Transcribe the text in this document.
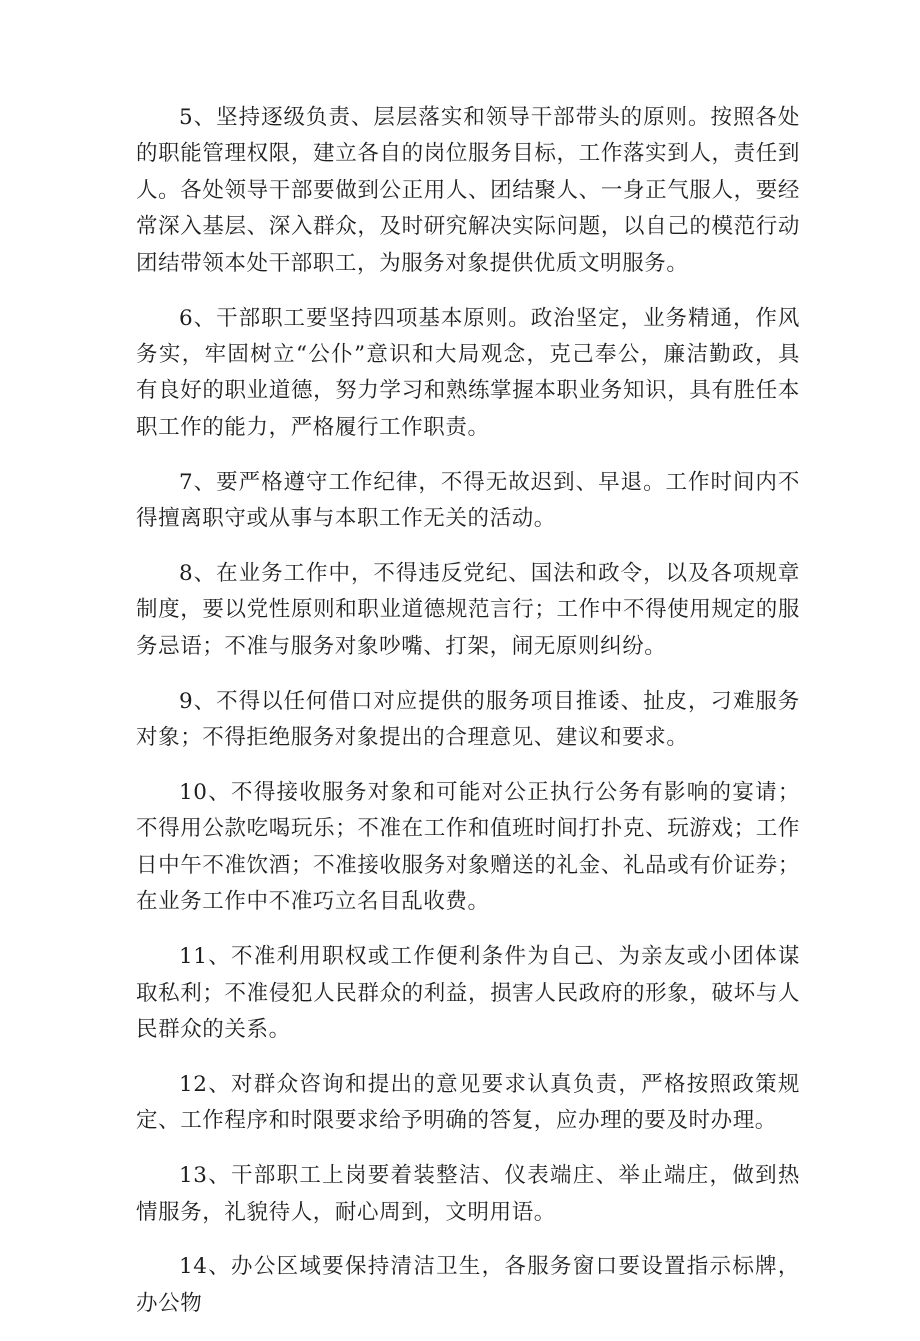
5、坚持逐级负责、层层落实和领导干部带头的原则。按照各处的职能管理权限，建立各自的岗位服务目标，工作落实到人，责任到人。各处领导干部要做到公正用人、团结聚人、一身正气服人，要经常深入基层、深入群众，及时研究解决实际问题，以自己的模范行动团结带领本处干部职工，为服务对象提供优质文明服务。

6、干部职工要坚持四项基本原则。政治坚定，业务精通，作风务实，牢固树立“公仆”意识和大局观念，克己奉公，廉洁勤政，具有良好的职业道德，努力学习和熟练掌握本职业务知识，具有胜任本职工作的能力，严格履行工作职责。

7、要严格遵守工作纪律，不得无故迟到、早退。工作时间内不得擅离职守或从事与本职工作无关的活动。

8、在业务工作中，不得违反党纪、国法和政令，以及各项规章制度，要以党性原则和职业道德规范言行；工作中不得使用规定的服务忌语；不准与服务对象吵嘴、打架，闹无原则纠纷。

9、不得以任何借口对应提供的服务项目推诿、扯皮，刁难服务对象；不得拒绝服务对象提出的合理意见、建议和要求。

10、不得接收服务对象和可能对公正执行公务有影响的宴请；不得用公款吃喝玩乐；不准在工作和值班时间打扑克、玩游戏；工作日中午不准饮酒；不准接收服务对象赠送的礼金、礼品或有价证券；在业务工作中不准巧立名目乱收费。

11、不准利用职权或工作便利条件为自己、为亲友或小团体谋取私利；不准侵犯人民群众的利益，损害人民政府的形象，破坏与人民群众的关系。

12、对群众咨询和提出的意见要求认真负责，严格按照政策规定、工作程序和时限要求给予明确的答复，应办理的要及时办理。

13、干部职工上岗要着装整洁、仪表端庄、举止端庄，做到热情服务，礼貌待人，耐心周到，文明用语。

14、办公区域要保持清洁卫生，各服务窗口要设置指示标牌，办公物
